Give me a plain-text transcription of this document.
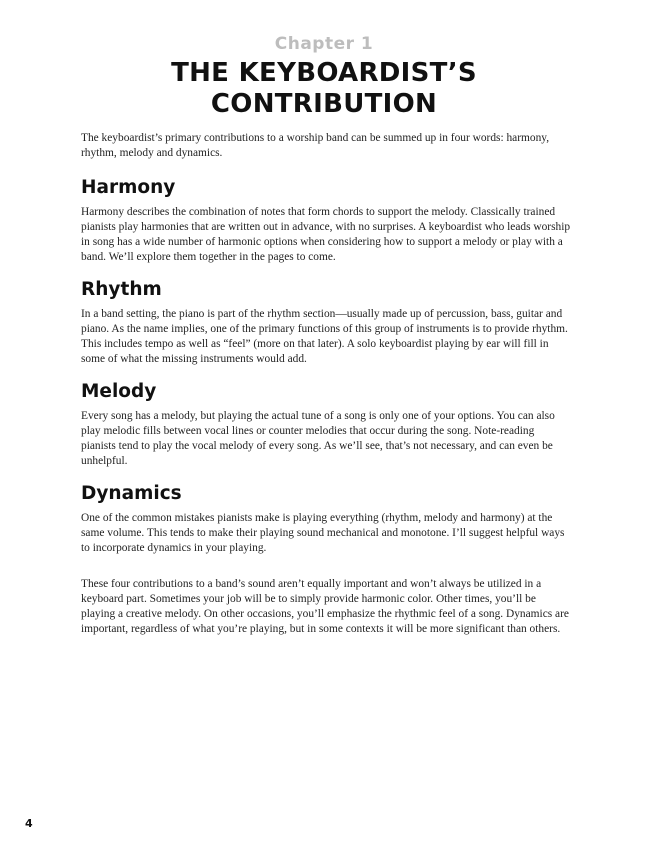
Chapter 1
THE KEYBOARDIST’S
CONTRIBUTION

The keyboardist’s primary contributions to a worship band can be summed up in four words: harmony, rhythm, melody and dynamics.

Harmony

Harmony describes the combination of notes that form chords to support the melody. Classically trained pianists play harmonies that are written out in advance, with no surprises. A keyboardist who leads worship in song has a wide number of harmonic options when considering how to support a melody or play with a band. We’ll explore them together in the pages to come.

Rhythm

In a band setting, the piano is part of the rhythm section—usually made up of percussion, bass, guitar and piano. As the name implies, one of the primary functions of this group of instruments is to provide rhythm. This includes tempo as well as “feel” (more on that later). A solo keyboardist playing by ear will fill in some of what the missing instruments would add.

Melody

Every song has a melody, but playing the actual tune of a song is only one of your options. You can also play melodic fills between vocal lines or counter melodies that occur during the song. Note-reading pianists tend to play the vocal melody of every song. As we’ll see, that’s not necessary, and can even be unhelpful.

Dynamics

One of the common mistakes pianists make is playing everything (rhythm, melody and harmony) at the same volume. This tends to make their playing sound mechanical and monotone. I’ll suggest helpful ways to incorporate dynamics in your playing.

These four contributions to a band’s sound aren’t equally important and won’t always be utilized in a keyboard part. Sometimes your job will be to simply provide harmonic color. Other times, you’ll be playing a creative melody. On other occasions, you’ll emphasize the rhythmic feel of a song. Dynamics are important, regardless of what you’re playing, but in some contexts it will be more significant than others.

4
